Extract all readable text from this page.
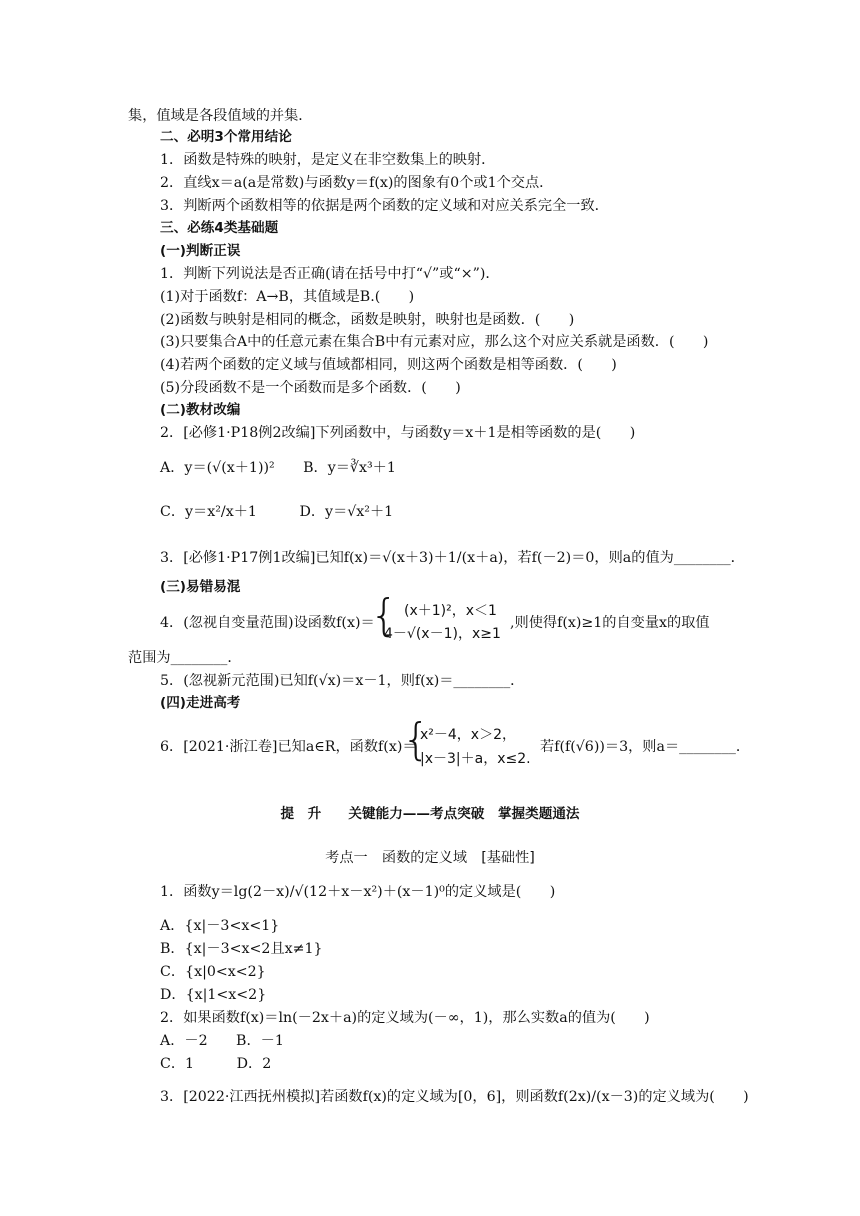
集，值域是各段值域的并集．
二、必明3个常用结论
1．函数是特殊的映射，是定义在非空数集上的映射．
2．直线x＝a(a是常数)与函数y＝f(x)的图象有0个或1个交点．
3．判断两个函数相等的依据是两个函数的定义域和对应关系完全一致．
三、必练4类基础题
(一)判断正误
1．判断下列说法是否正确(请在括号中打“√”或“×”)．
(1)对于函数f：A→B，其值域是B.(　　)
(2)函数与映射是相同的概念，函数是映射，映射也是函数．(　　)
(3)只要集合A中的任意元素在集合B中有元素对应，那么这个对应关系就是函数．(　　)
(4)若两个函数的定义域与值域都相同，则这两个函数是相等函数．(　　)
(5)分段函数不是一个函数而是多个函数．(　　)
(二)教材改编
2．[必修1·P18例2改编]下列函数中，与函数y＝x＋1是相等函数的是(　　)
A．y＝(√(x＋1))²　　B．y＝∛x³＋1
C．y＝x²/x＋1　　　D．y＝√x²＋1
3．[必修1·P17例1改编]已知f(x)＝√(x＋3)＋1/(x＋a)，若f(－2)＝0，则a的值为________．
(三)易错易混
4．(忽视自变量范围)设函数f(x)＝
{ (x＋1)²，x＜1
4－√(x－1)，x≥1
,则使得f(x)≥1的自变量x的取值
范围为________．
5．(忽视新元范围)已知f(√x)＝x－1，则f(x)＝________．
(四)走进高考
6．[2021·浙江卷]已知a∈R，函数f(x)＝
{
x²－4，x＞2，
|x－3|＋a，x≤2.
若f(f(√6))＝3，则a＝________．
提　升　　关键能力——考点突破　掌握类题通法
考点一　函数的定义域　[基础性]
1．函数y＝lg(2－x)/√(12＋x－x²)＋(x－1)⁰的定义域是(　　)
A．{x|－3<x<1}
B．{x|－3<x<2且x≠1}
C．{x|0<x<2}
D．{x|1<x<2}
2．如果函数f(x)＝ln(－2x＋a)的定义域为(－∞，1)，那么实数a的值为(　　)
A．－2　　B．－1
C．1　　　D．2
3．[2022·江西抚州模拟]若函数f(x)的定义域为[0，6]，则函数f(2x)/(x－3)的定义域为(　　)
